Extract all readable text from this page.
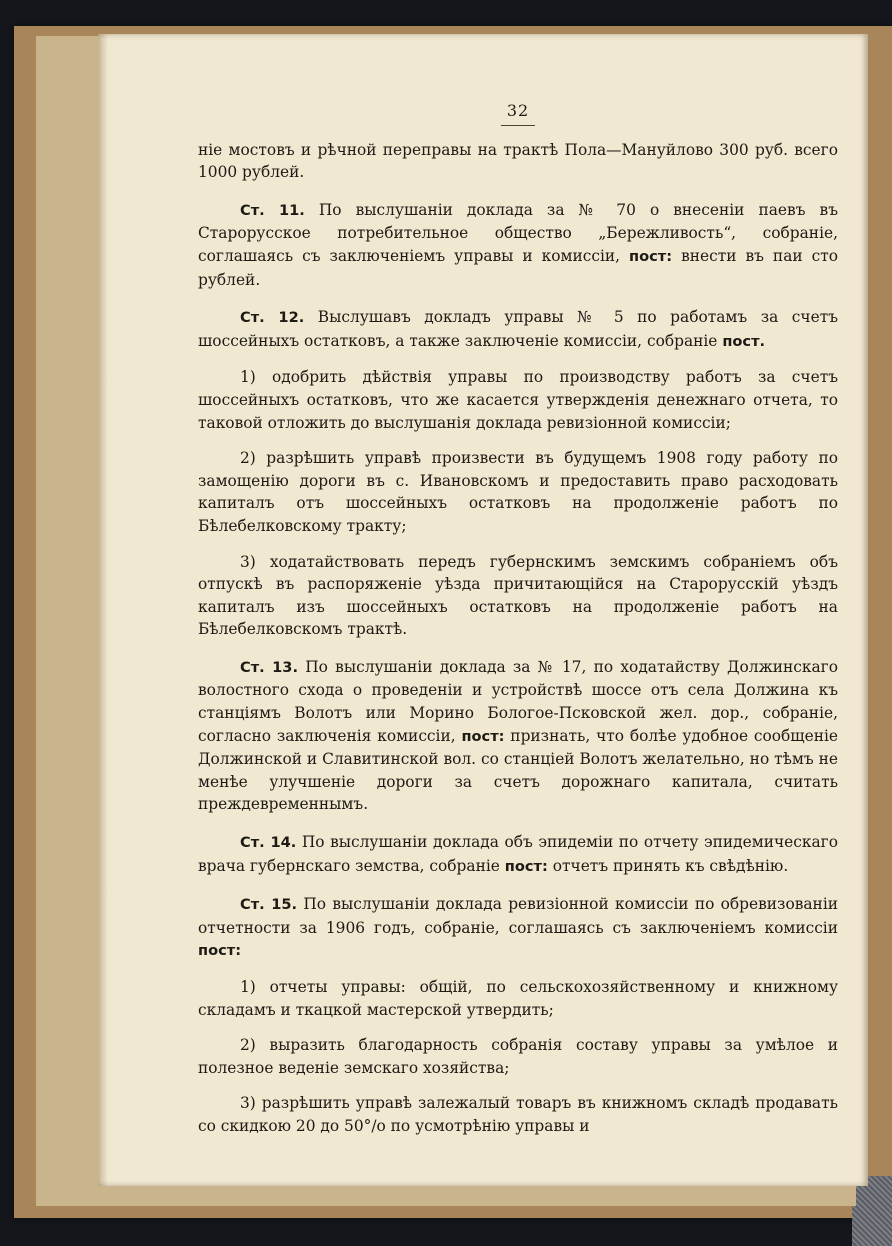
32

ніе мостовъ и рѣчной переправы на трактѣ Пола—Мануйлово 300 руб. всего 1000 рублей.

Ст. 11. По выслушаніи доклада за № 70 о внесеніи паевъ въ Старорусское потребительное общество „Бережливость“, собраніе, соглашаясь съ заключеніемъ управы и комиссіи, пост: внести въ паи сто рублей.

Ст. 12. Выслушавъ докладъ управы № 5 по работамъ за счетъ шоссейныхъ остатковъ, а также заключеніе комиссіи, собраніе пост.

1) одобрить дѣйствія управы по производству работъ за счетъ шоссейныхъ остатковъ, что же касается утвержденія денежнаго отчета, то таковой отложить до выслушанія доклада ревизіонной комиссіи;

2) разрѣшить управѣ произвести въ будущемъ 1908 году работу по замощенію дороги въ с. Ивановскомъ и предоставить право расходовать капиталъ отъ шоссейныхъ остатковъ на продолженіе работъ по Бѣлебелковскому тракту;

3) ходатайствовать передъ губернскимъ земскимъ собраніемъ объ отпускѣ въ распоряженіе уѣзда причитающійся на Старорусскій уѣздъ капиталъ изъ шоссейныхъ остатковъ на продолженіе работъ на Бѣлебелковскомъ трактѣ.

Ст. 13. По выслушаніи доклада за № 17, по ходатайству Должинскаго волостного схода о проведеніи и устройствѣ шоссе отъ села Должина къ станціямъ Волотъ или Морино Бологое-Псковской жел. дор., собраніе, согласно заключенія комиссіи, пост: признать, что болѣе удобное сообщеніе Должинской и Славитинской вол. со станціей Волотъ желательно, но тѣмъ не менѣе улучшеніе дороги за счетъ дорожнаго капитала, считать преждевременнымъ.

Ст. 14. По выслушаніи доклада объ эпидеміи по отчету эпидемическаго врача губернскаго земства, собраніе пост: отчетъ принять къ свѣдѣнію.

Ст. 15. По выслушаніи доклада ревизіонной комиссіи по обревизованіи отчетности за 1906 годъ, собраніе, соглашаясь съ заключеніемъ комиссіи пост:

1) отчеты управы: общій, по сельскохозяйственному и книжному складамъ и ткацкой мастерской утвердить;

2) выразить благодарность собранія составу управы за умѣлое и полезное веденіе земскаго хозяйства;

3) разрѣшить управѣ залежалый товаръ въ книжномъ складѣ продавать со скидкою 20 до 50°/о по усмотрѣнію управы и
